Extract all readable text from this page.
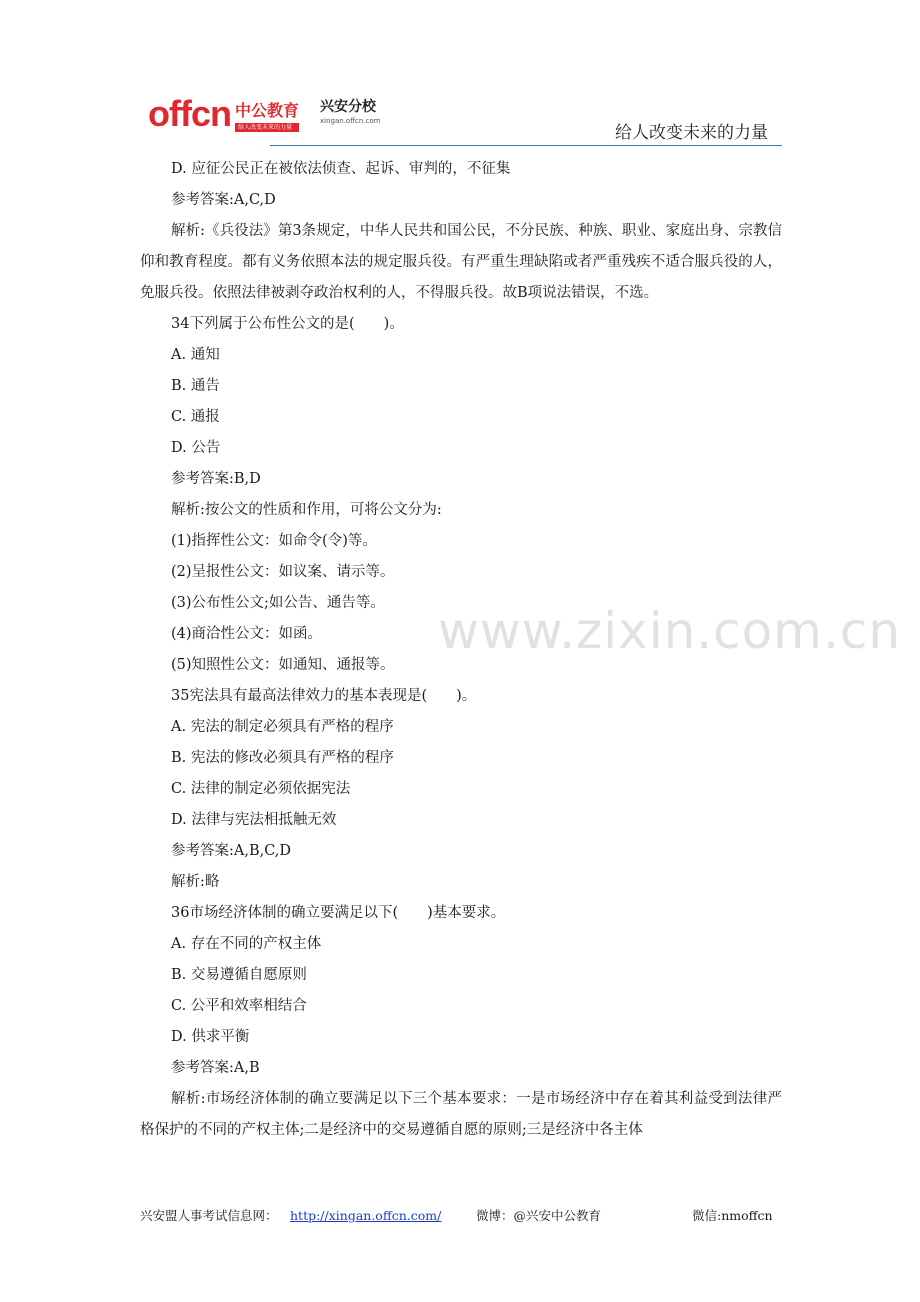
offcn 中公教育
给人改变未来的力量
兴安分校
xingan.offcn.com
给人改变未来的力量
D. 应征公民正在被依法侦查、起诉、审判的，不征集
参考答案:A,C,D
解析:《兵役法》第3条规定，中华人民共和国公民，不分民族、种族、职业、家庭出身、宗教信仰和教育程度。都有义务依照本法的规定服兵役。有严重生理缺陷或者严重残疾不适合服兵役的人，免服兵役。依照法律被剥夺政治权利的人，不得服兵役。故B项说法错误，不选。
34下列属于公布性公文的是(　　)。
A. 通知
B. 通告
C. 通报
D. 公告
参考答案:B,D
解析:按公文的性质和作用，可将公文分为:
(1)指挥性公文：如命令(令)等。
(2)呈报性公文：如议案、请示等。
(3)公布性公文;如公告、通告等。
(4)商洽性公文：如函。
(5)知照性公文：如通知、通报等。
35宪法具有最高法律效力的基本表现是(　　)。
A. 宪法的制定必须具有严格的程序
B. 宪法的修改必须具有严格的程序
C. 法律的制定必须依据宪法
D. 法律与宪法相抵触无效
参考答案:A,B,C,D
解析:略
36市场经济体制的确立要满足以下(　　)基本要求。
A. 存在不同的产权主体
B. 交易遵循自愿原则
C. 公平和效率相结合
D. 供求平衡
参考答案:A,B
解析:市场经济体制的确立要满足以下三个基本要求：一是市场经济中存在着其利益受到法律严格保护的不同的产权主体;二是经济中的交易遵循自愿的原则;三是经济中各主体
www.zixin.com.cn
兴安盟人事考试信息网： http://xingan.offcn.com/	微博：@兴安中公教育	微信:nmoffcn
